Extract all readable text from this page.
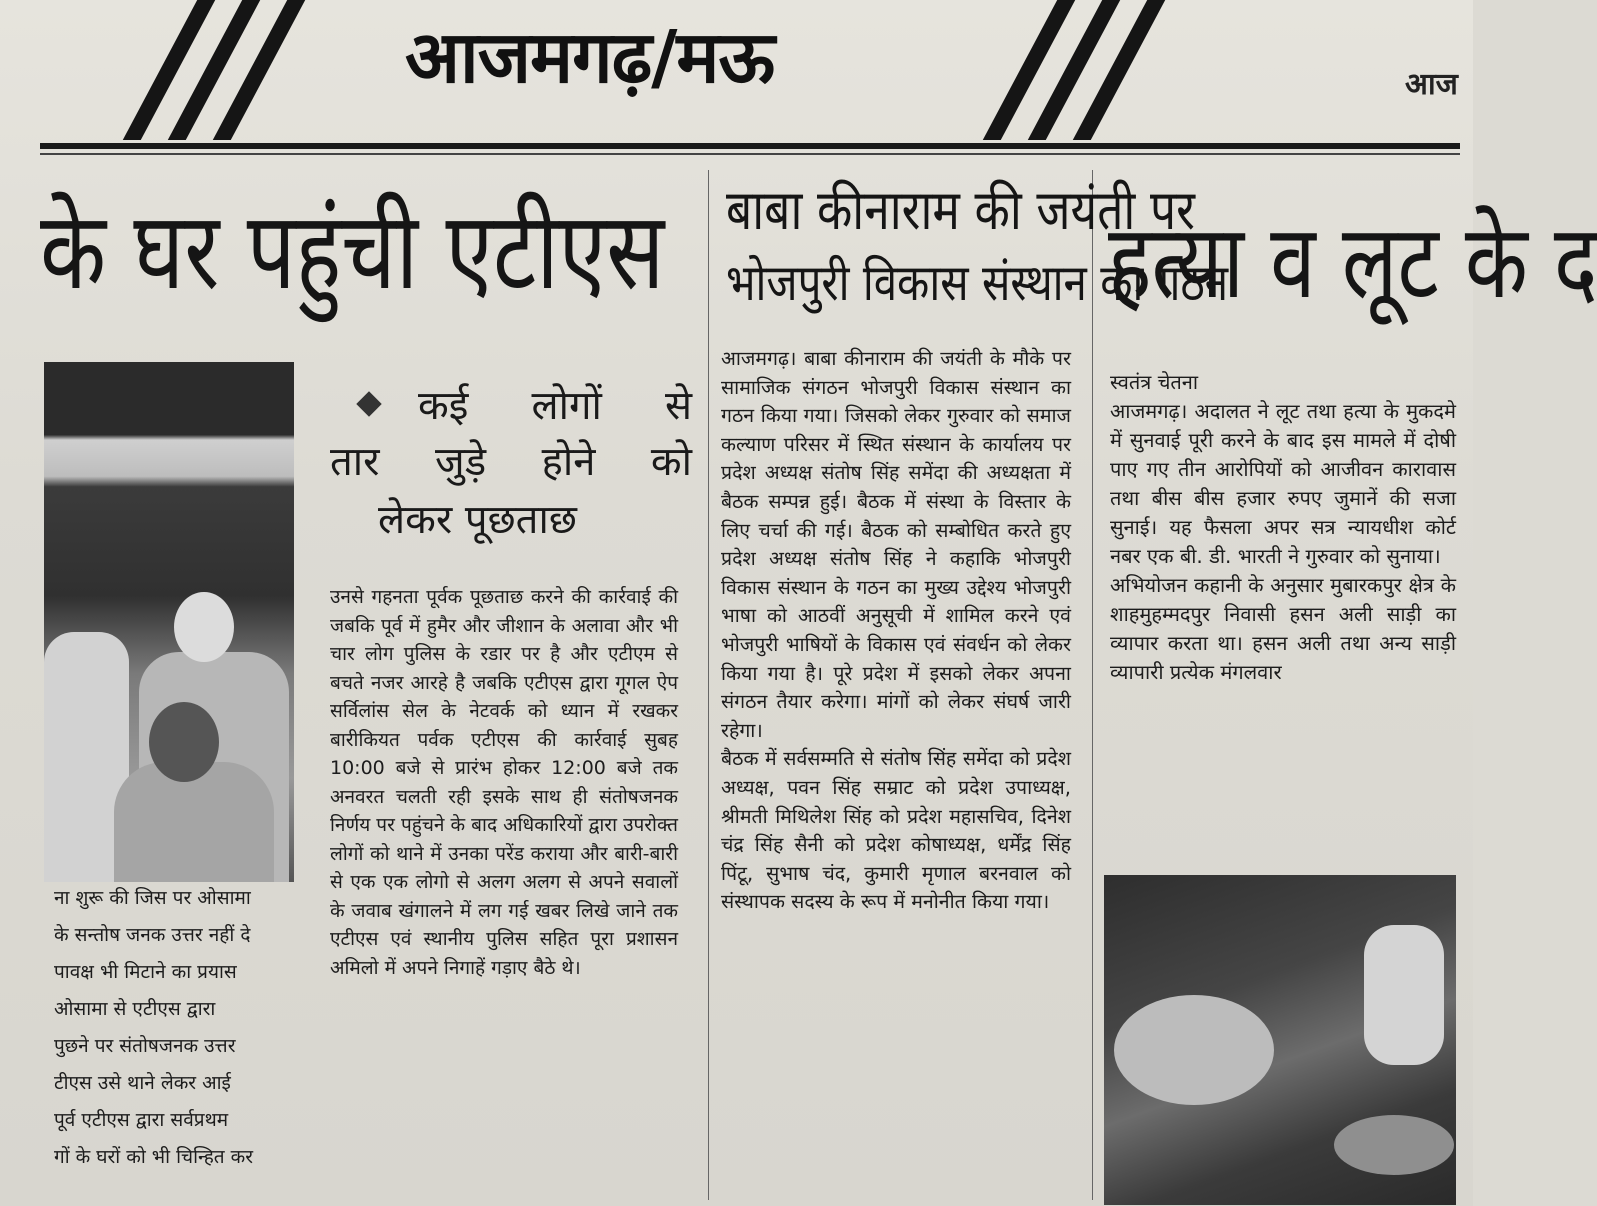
आजमगढ़/मऊ	आज
के घर पहुंची एटीएस
कई लोगों से
तार जुड़े होने को
लेकर पूछताछ

उनसे गहनता पूर्वक पूछताछ करने की कार्रवाई की जबकि पूर्व में हुमैर और जीशान के अलावा और भी चार लोग पुलिस के रडार पर है और एटीएम से बचते नजर आरहे है जबकि एटीएस द्वारा गूगल ऐप सर्विलांस सेल के नेटवर्क को ध्यान में रखकर बारीकियत पर्वक एटीएस की कार्रवाई सुबह 10:00 बजे से प्रारंभ होकर 12:00 बजे तक अनवरत चलती रही इसके साथ ही संतोषजनक निर्णय पर पहुंचने के बाद अधिकारियों द्वारा उपरोक्त लोगों को थाने में उनका परेंड कराया और बारी-बारी से एक एक लोगो से अलग अलग से अपने सवालों के जवाब खंगालने में लग गई खबर लिखे जाने तक एटीएस एवं स्थानीय पुलिस सहित पूरा प्रशासन अमिलो में अपने निगाहें गड़ाए बैठे थे।

ना शुरू की जिस पर ओसामा
के सन्तोष जनक उत्तर नहीं दे
पावक्ष भी मिटाने का प्रयास
ओसामा से एटीएस द्वारा
पुछने पर संतोषजनक उत्तर
टीएस उसे थाने लेकर आई
पूर्व एटीएस द्वारा सर्वप्रथम
गों के घरों को भी चिन्हित कर
बाबा कीनाराम की जयंती पर
भोजपुरी विकास संस्थान का गठन

आजमगढ़। बाबा कीनाराम की जयंती के मौके पर सामाजिक संगठन भोजपुरी विकास संस्थान का गठन किया गया। जिसको लेकर गुरुवार को समाज कल्याण परिसर में स्थित संस्थान के कार्यालय पर प्रदेश अध्यक्ष संतोष सिंह समेंदा की अध्यक्षता में बैठक सम्पन्न हुई। बैठक में संस्था के विस्तार के लिए चर्चा की गई। बैठक को सम्बोधित करते हुए प्रदेश अध्यक्ष संतोष सिंह ने कहाकि भोजपुरी विकास संस्थान के गठन का मुख्य उद्देश्य भोजपुरी भाषा को आठवीं अनुसूची में शामिल करने एवं भोजपुरी भाषियों के विकास एवं संवर्धन को लेकर किया गया है। पूरे प्रदेश में इसको लेकर अपना संगठन तैयार करेगा। मांगों को लेकर संघर्ष जारी रहेगा।

बैठक में सर्वसम्मति से संतोष सिंह समेंदा को प्रदेश अध्यक्ष, पवन सिंह सम्राट को प्रदेश उपाध्यक्ष, श्रीमती मिथिलेश सिंह को प्रदेश महासचिव, दिनेश चंद्र सिंह सैनी को प्रदेश कोषाध्यक्ष, धर्मेंद्र सिंह पिंटू, सुभाष चंद, कुमारी मृणाल बरनवाल को संस्थापक सदस्य के रूप में मनोनीत किया गया।

हत्या व लूट के द

स्वतंत्र चेतना

आजमगढ़। अदालत ने लूट तथा हत्या के मुकदमे में सुनवाई पूरी करने के बाद इस मामले में दोषी पाए गए तीन आरोपियों को आजीवन कारावास तथा बीस बीस हजार रुपए जुमानें की सजा सुनाई। यह फैसला अपर सत्र न्यायधीश कोर्ट नबर एक बी. डी. भारती ने गुरुवार को सुनाया।

अभियोजन कहानी के अनुसार मुबारकपुर क्षेत्र के शाहमुहम्मदपुर निवासी हसन अली साड़ी का व्यापार करता था। हसन अली तथा अन्य साड़ी व्यापारी प्रत्येक मंगलवार
